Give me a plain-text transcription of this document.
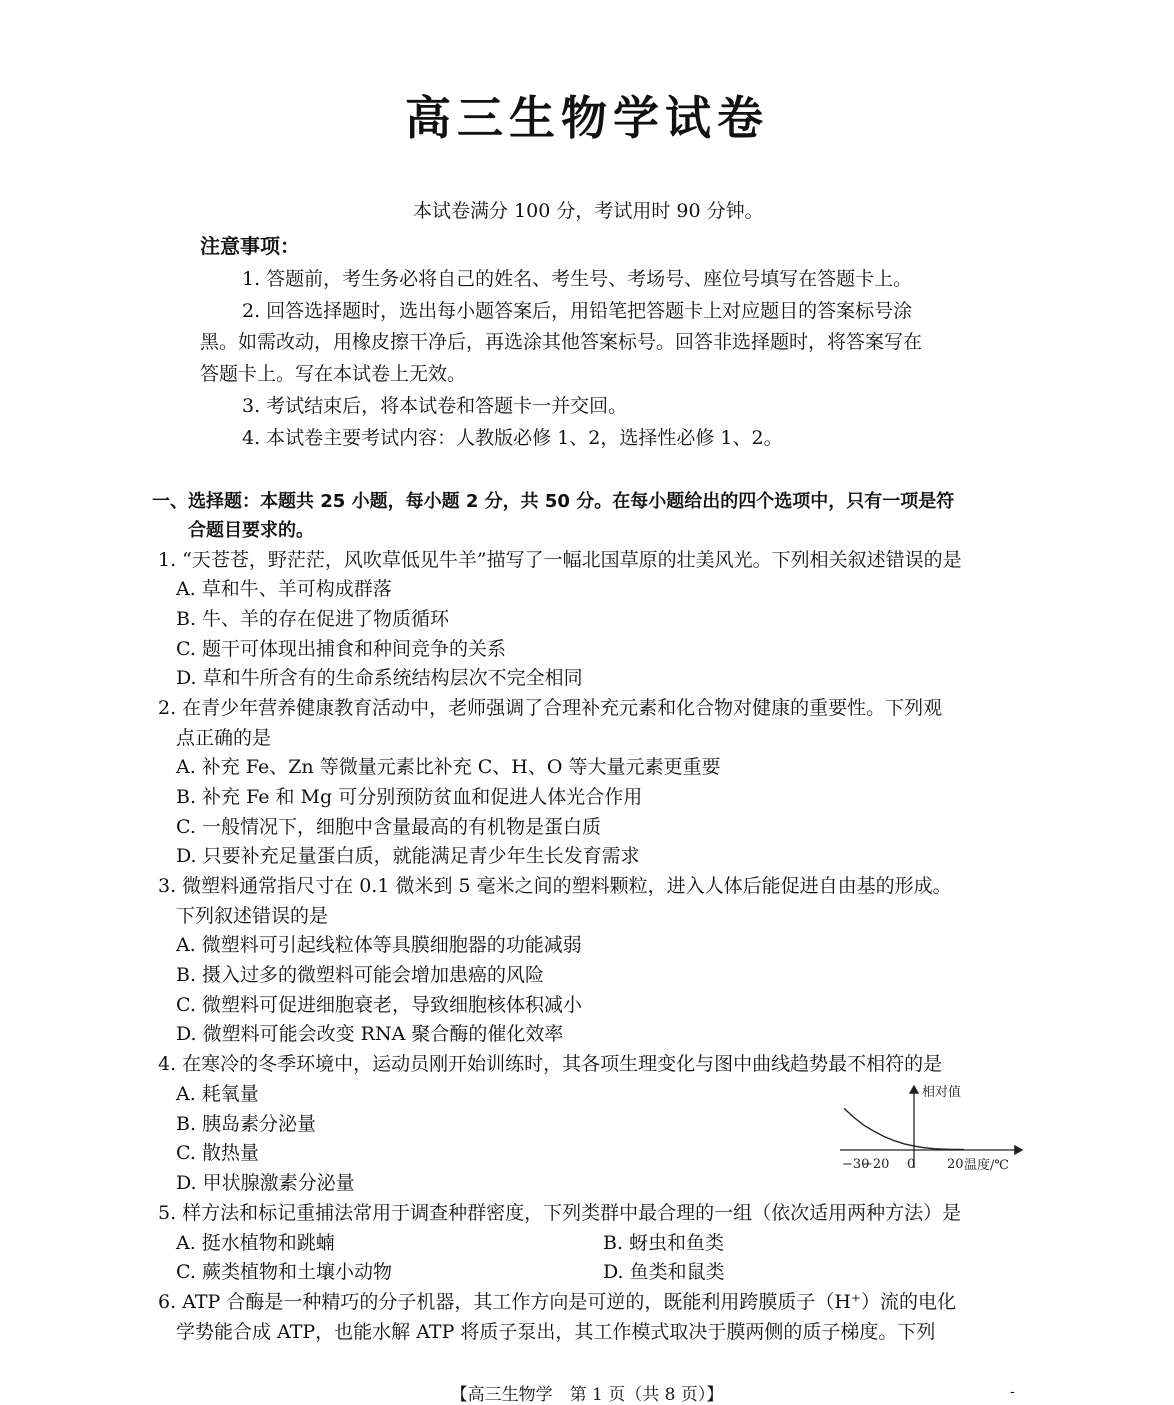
高三生物学试卷
本试卷满分 100 分，考试用时 90 分钟。
注意事项：
1. 答题前，考生务必将自己的姓名、考生号、考场号、座位号填写在答题卡上。
2. 回答选择题时，选出每小题答案后，用铅笔把答题卡上对应题目的答案标号涂
黑。如需改动，用橡皮擦干净后，再选涂其他答案标号。回答非选择题时，将答案写在
答题卡上。写在本试卷上无效。
3. 考试结束后，将本试卷和答题卡一并交回。
4. 本试卷主要考试内容：人教版必修 1、2，选择性必修 1、2。
一、选择题：本题共 25 小题，每小题 2 分，共 50 分。在每小题给出的四个选项中，只有一项是符
合题目要求的。
1. “天苍苍，野茫茫，风吹草低见牛羊”描写了一幅北国草原的壮美风光。下列相关叙述错误的是
A. 草和牛、羊可构成群落
B. 牛、羊的存在促进了物质循环
C. 题干可体现出捕食和种间竞争的关系
D. 草和牛所含有的生命系统结构层次不完全相同
2. 在青少年营养健康教育活动中，老师强调了合理补充元素和化合物对健康的重要性。下列观
点正确的是
A. 补充 Fe、Zn 等微量元素比补充 C、H、O 等大量元素更重要
B. 补充 Fe 和 Mg 可分别预防贫血和促进人体光合作用
C. 一般情况下，细胞中含量最高的有机物是蛋白质
D. 只要补充足量蛋白质，就能满足青少年生长发育需求
3. 微塑料通常指尺寸在 0.1 微米到 5 毫米之间的塑料颗粒，进入人体后能促进自由基的形成。
下列叙述错误的是
A. 微塑料可引起线粒体等具膜细胞器的功能减弱
B. 摄入过多的微塑料可能会增加患癌的风险
C. 微塑料可促进细胞衰老，导致细胞核体积减小
D. 微塑料可能会改变 RNA 聚合酶的催化效率
4. 在寒冷的冬季环境中，运动员刚开始训练时，其各项生理变化与图中曲线趋势最不相符的是
A. 耗氧量
B. 胰岛素分泌量
C. 散热量
D. 甲状腺激素分泌量
相对值
温度/℃
−30
−20 0 20
5. 样方法和标记重捕法常用于调查种群密度，下列类群中最合理的一组（依次适用两种方法）是
A. 挺水植物和跳蝻	B. 蚜虫和鱼类
C. 蕨类植物和土壤小动物	D. 鱼类和鼠类
6. ATP 合酶是一种精巧的分子机器，其工作方向是可逆的，既能利用跨膜质子（H⁺）流的电化
学势能合成 ATP，也能水解 ATP 将质子泵出，其工作模式取决于膜两侧的质子梯度。下列
【高三生物学　第 1 页（共 8 页）】	-
